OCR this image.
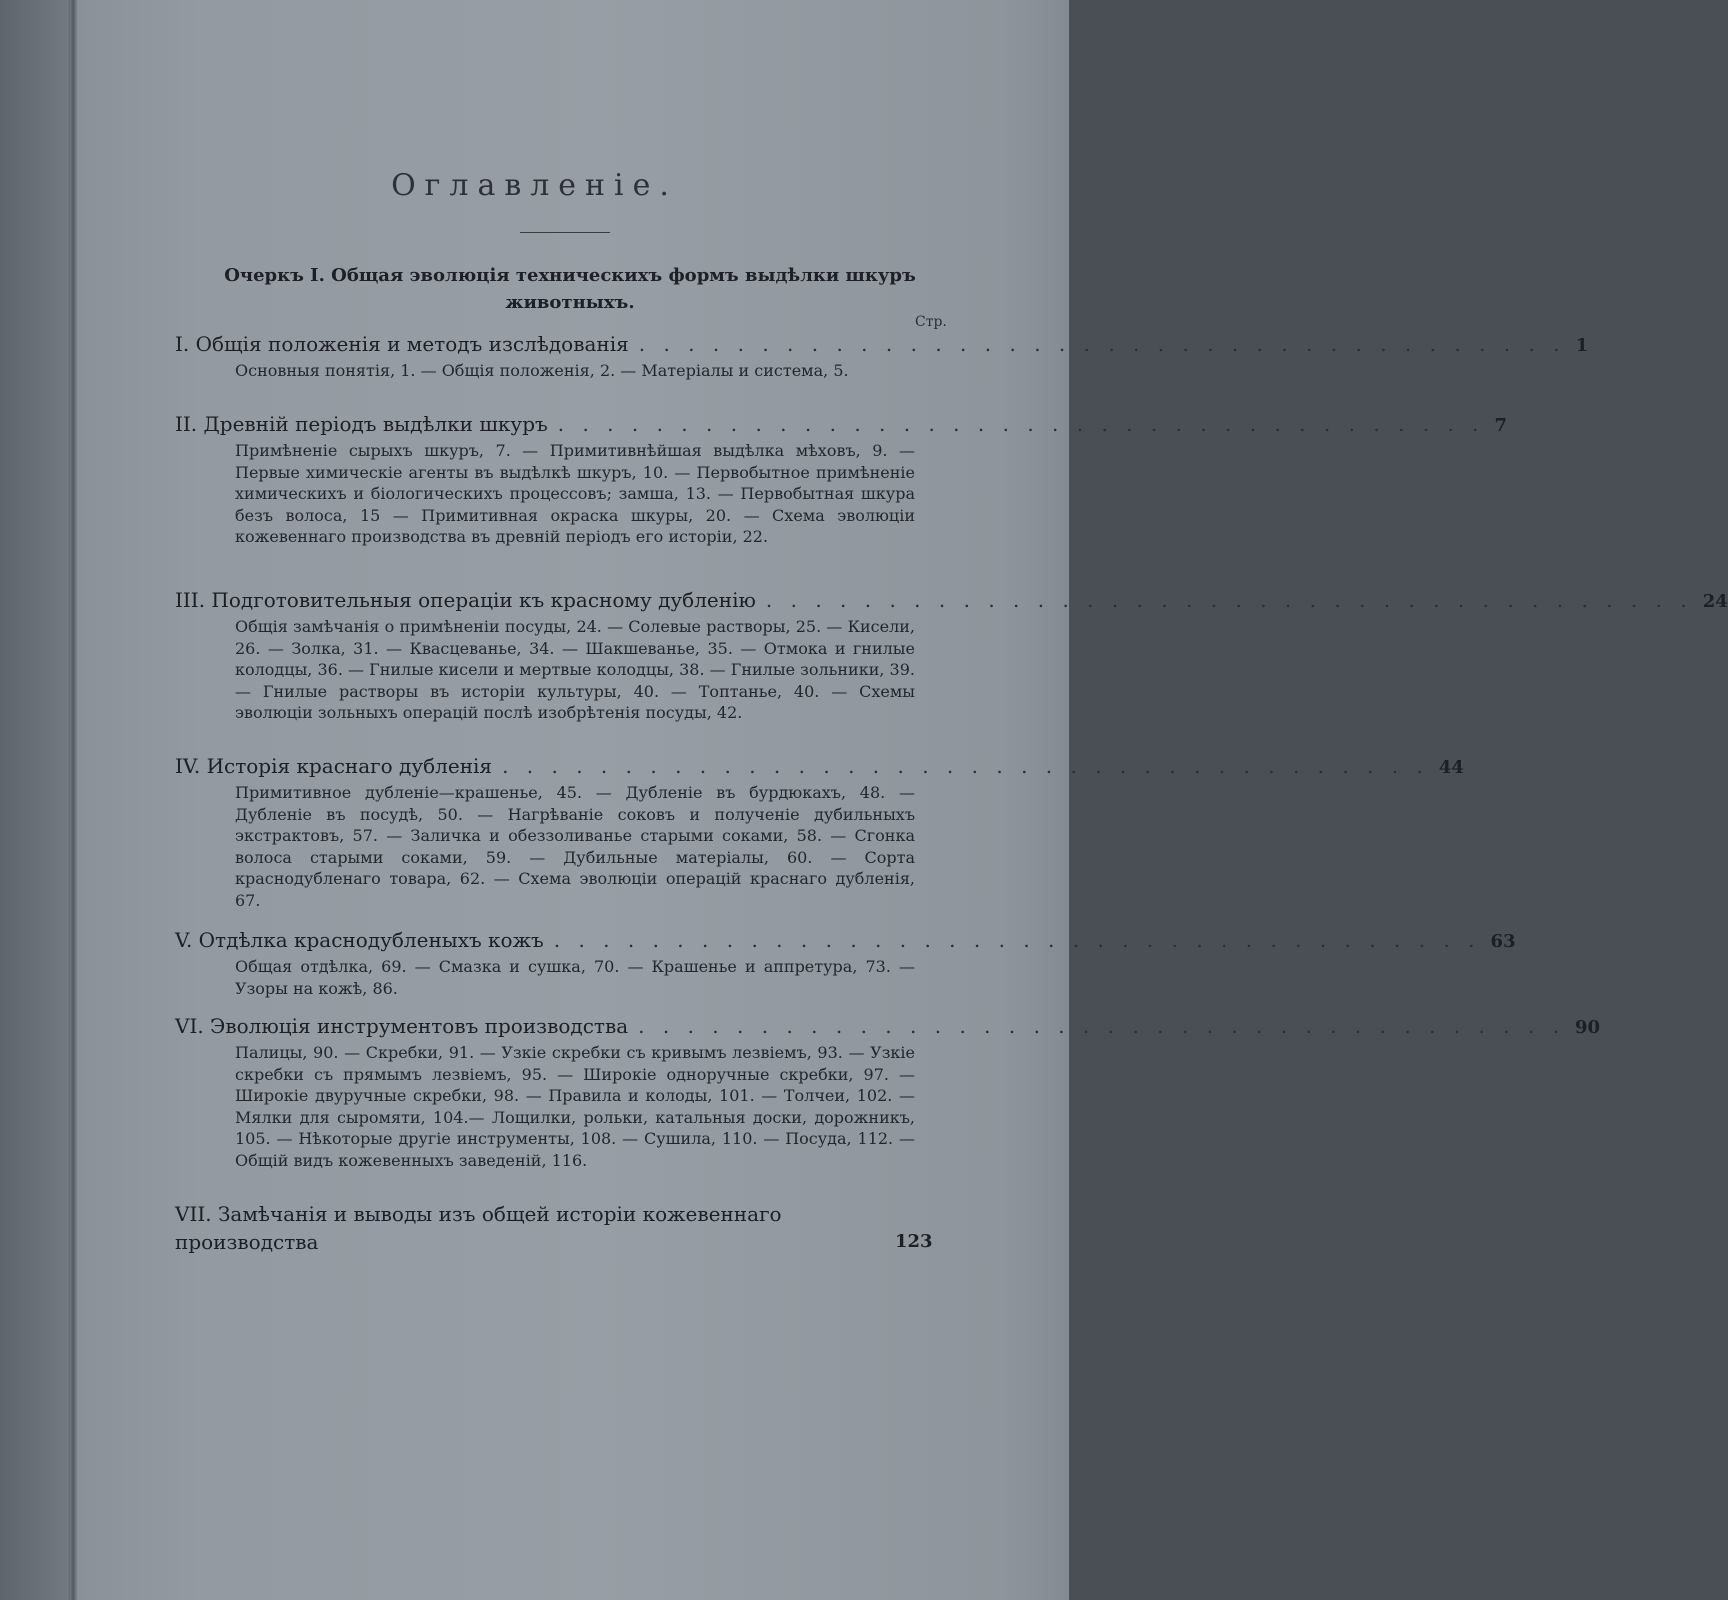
Оглавленіе.
Очеркъ I. Общая эволюція техническихъ формъ выдѣлки шкуръ животныхъ.
Стр.
I. Общія положенія и методъ изслѣдованія . . . . . . . . . . . . . . . . . . . . . . . . . . . . . . . . . . . . . . 1
Основныя понятія, 1. — Общія положенія, 2. — Матеріалы и система, 5.
II. Древній періодъ выдѣлки шкуръ . . . . . . . . . . . . . . . . . . . . . . . . . . . . . . . . . . . . . . 7
Примѣненіе сырыхъ шкуръ, 7. — Примитивнѣйшая выдѣлка мѣховъ, 9. — Первые химическіе агенты въ выдѣлкѣ шкуръ, 10. — Первобытное примѣненіе химическихъ и біологическихъ процессовъ; замша, 13. — Первобытная шкура безъ волоса, 15 — Примитивная окраска шкуры, 20. — Схема эволюціи кожевеннаго производства въ древній періодъ его исторіи, 22.
III. Подготовительныя операціи къ красному дубленію . . . . . . . . . . . . . . . . . . . . . . . . . . . . . . . . . . . . . . 24
Общія замѣчанія о примѣненіи посуды, 24. — Солевые растворы, 25. — Кисели, 26. — Золка, 31. — Квасцеванье, 34. — Шакшеванье, 35. — Отмока и гнилые колодцы, 36. — Гнилые кисели и мертвые колодцы, 38. — Гнилые зольники, 39. — Гнилые растворы въ исторіи культуры, 40. — Топтанье, 40. — Схемы эволюціи зольныхъ операцій послѣ изобрѣтенія посуды, 42.
IV. Исторія краснаго дубленія . . . . . . . . . . . . . . . . . . . . . . . . . . . . . . . . . . . . . . 44
Примитивное дубленіе—крашенье, 45. — Дубленіе въ бурдюкахъ, 48. — Дубленіе въ посудѣ, 50. — Нагрѣваніе соковъ и полученіе дубильныхъ экстрактовъ, 57. — Заличка и обеззоливанье старыми соками, 58. — Сгонка волоса старыми соками, 59. — Дубильные матеріалы, 60. — Сорта краснодубленаго товара, 62. — Схема эволюціи операцій краснаго дубленія, 67.
V. Отдѣлка краснодубленыхъ кожъ . . . . . . . . . . . . . . . . . . . . . . . . . . . . . . . . . . . . . . 63
Общая отдѣлка, 69. — Смазка и сушка, 70. — Крашенье и аппретура, 73. — Узоры на кожѣ, 86.
VI. Эволюція инструментовъ производства . . . . . . . . . . . . . . . . . . . . . . . . . . . . . . . . . . . . . . 90
Палицы, 90. — Скребки, 91. — Узкіе скребки съ кривымъ лезвіемъ, 93. — Узкіе скребки съ прямымъ лезвіемъ, 95. — Широкіе одноручные скребки, 97. — Широкіе двуручные скребки, 98. — Правила и колоды, 101. — Толчеи, 102. — Мялки для сыромяти, 104.— Лощилки, рольки, катальныя доски, дорожникъ, 105. — Нѣкоторые другіе инструменты, 108. — Сушила, 110. — Посуда, 112. — Общій видъ кожевенныхъ заведеній, 116.
VII. Замѣчанія и выводы изъ общей исторіи кожевеннаго производства	123
